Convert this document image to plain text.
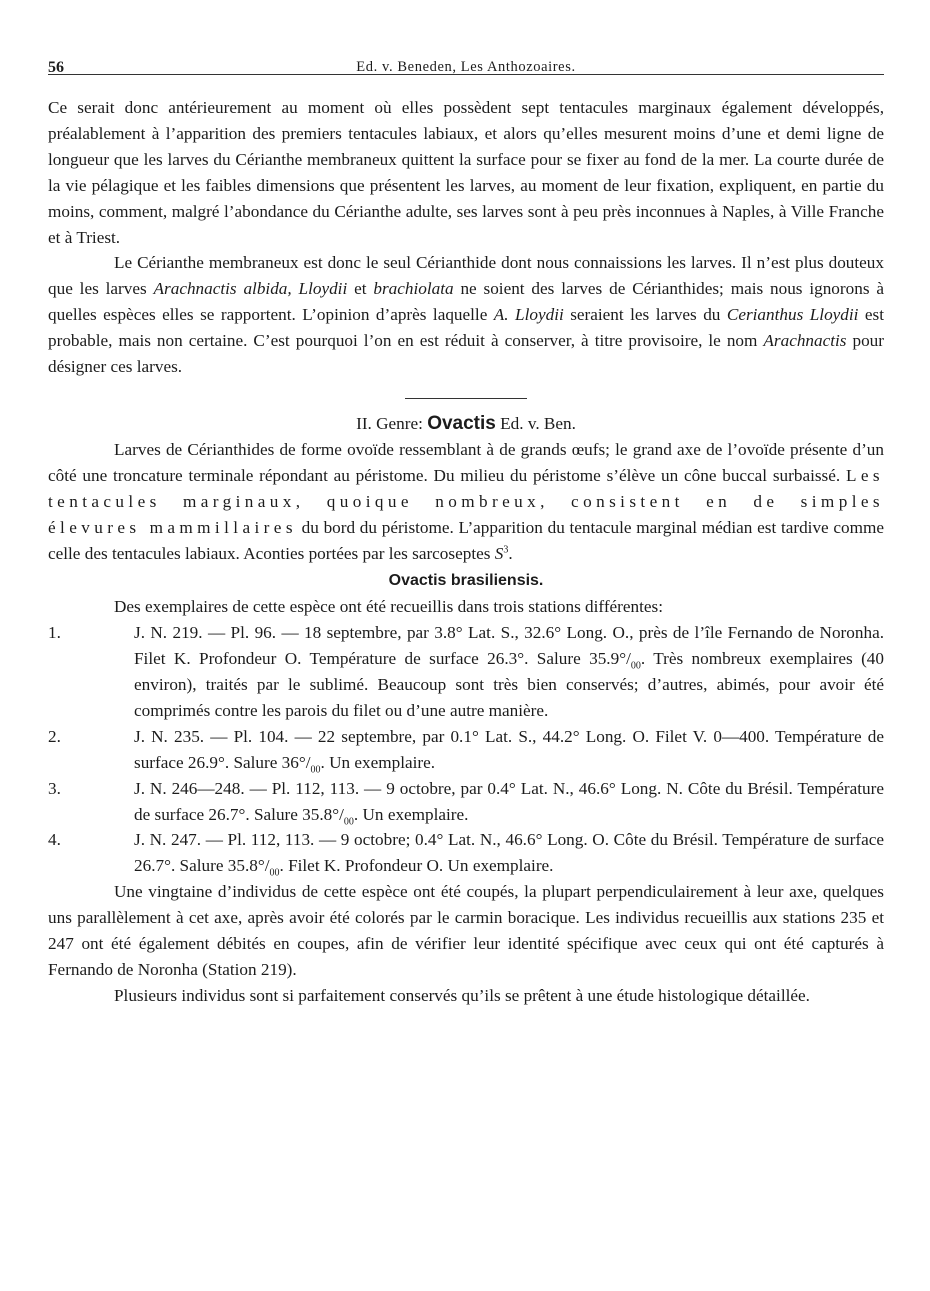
56	Ed. v. Beneden, Les Anthozoaires.

Ce serait donc antérieurement au moment où elles possèdent sept tentacules marginaux également développés, préalablement à l’apparition des premiers tentacules labiaux, et alors qu’elles mesurent moins d’une et demi ligne de longueur que les larves du Cérianthe membraneux quittent la surface pour se fixer au fond de la mer. La courte durée de la vie pélagique et les faibles dimensions que présentent les larves, au moment de leur fixation, expliquent, en partie du moins, comment, malgré l’abondance du Cérianthe adulte, ses larves sont à peu près inconnues à Naples, à Ville Franche et à Triest.

Le Cérianthe membraneux est donc le seul Cérianthide dont nous connaissions les larves. Il n’est plus douteux que les larves Arachnactis albida, Lloydii et brachiolata ne soient des larves de Cérianthides; mais nous ignorons à quelles espèces elles se rapportent. L’opinion d’après laquelle A. Lloydii seraient les larves du Cerianthus Lloydii est probable, mais non certaine. C’est pourquoi l’on en est réduit à conserver, à titre provisoire, le nom Arachnactis pour désigner ces larves.

II. Genre: Ovactis Ed. v. Ben.

Larves de Cérianthides de forme ovoïde ressemblant à de grands œufs; le grand axe de l’ovoïde présente d’un côté une troncature terminale répondant au péristome. Du milieu du péristome s’élève un cône buccal surbaissé. Les tentacules marginaux, quoique nombreux, consistent en de simples élevures mammillaires du bord du péristome. L’apparition du tentacule marginal médian est tardive comme celle des tentacules labiaux. Aconties portées par les sarcoseptes $S^3$.

Ovactis brasiliensis.

Des exemplaires de cette espèce ont été recueillis dans trois stations différentes:

1.	J. N. 219. — Pl. 96. — 18 septembre, par 3.8° Lat. S., 32.6° Long. O., près de l’île Fernando de Noronha. Filet K. Profondeur O. Température de surface 26.3°. Salure $35.9^\circ/_{00}$. Très nombreux exemplaires (40 environ), traités par le sublimé. Beaucoup sont très bien conservés; d’autres, abimés, pour avoir été comprimés contre les parois du filet ou d’une autre manière.
2.	J. N. 235. — Pl. 104. — 22 septembre, par 0.1° Lat. S., 44.2° Long. O. Filet V. 0—400. Température de surface 26.9°. Salure $36^\circ/_{00}$. Un exemplaire.
3.	J. N. 246—248. — Pl. 112, 113. — 9 octobre, par 0.4° Lat. N., 46.6° Long. N. Côte du Brésil. Température de surface 26.7°. Salure $35.8^\circ/_{00}$. Un exemplaire.
4.	J. N. 247. — Pl. 112, 113. — 9 octobre; 0.4° Lat. N., 46.6° Long. O. Côte du Brésil. Température de surface 26.7°. Salure $35.8^\circ/_{00}$. Filet K. Profondeur O. Un exemplaire.

Une vingtaine d’individus de cette espèce ont été coupés, la plupart perpendiculairement à leur axe, quelques uns parallèlement à cet axe, après avoir été colorés par le carmin boracique. Les individus recueillis aux stations 235 et 247 ont été également débités en coupes, afin de vérifier leur identité spécifique avec ceux qui ont été capturés à Fernando de Noronha (Station 219).

Plusieurs individus sont si parfaitement conservés qu’ils se prêtent à une étude histologique détaillée.
